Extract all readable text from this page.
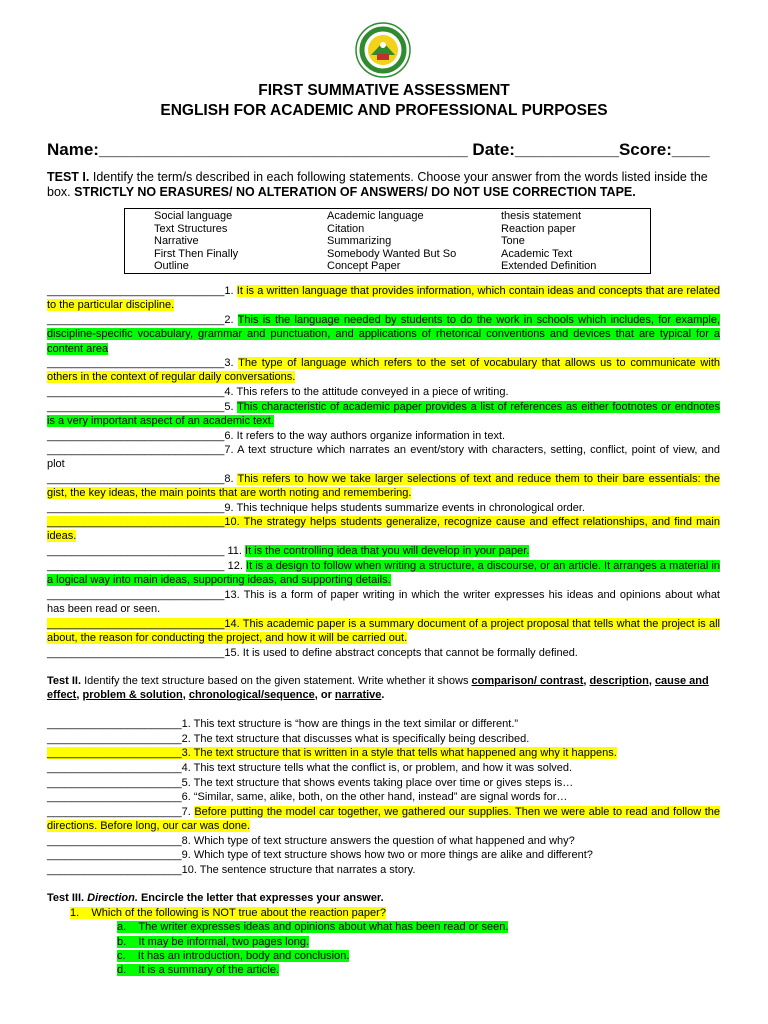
FIRST SUMMATIVE ASSESSMENT
ENGLISH FOR ACADEMIC AND PROFESSIONAL PURPOSES
Name:_______________________________________ Date:___________Score:____
TEST I. Identify the term/s described in each following statements. Choose your answer from the words listed inside the box. STRICTLY NO ERASURES/ NO ALTERATION OF ANSWERS/ DO NOT USE CORRECTION TAPE.
Social language
Text Structures
Narrative
First Then Finally
Outline
Academic language
Citation
Summarizing
Somebody Wanted But So
Concept Paper
thesis statement
Reaction paper
Tone
Academic Text
Extended Definition
_____________________________1. It is a written language that provides information, which contain ideas and concepts that are related to the particular discipline.
_____________________________2. This is the language needed by students to do the work in schools which includes, for example, discipline-specific vocabulary, grammar and punctuation, and applications of rhetorical conventions and devices that are typical for a content area
_____________________________3. The type of language which refers to the set of vocabulary that allows us to communicate with others in the context of regular daily conversations.
_____________________________4. This refers to the attitude conveyed in a piece of writing.
_____________________________5. This characteristic of academic paper provides a list of references as either footnotes or endnotes is a very important aspect of an academic text.
_____________________________6. It refers to the way authors organize information in text.
_____________________________7. A text structure which narrates an event/story with characters, setting, conflict, point of view, and plot
_____________________________8. This refers to how we take larger selections of text and reduce them to their bare essentials: the gist, the key ideas, the main points that are worth noting and remembering.
_____________________________9. This technique helps students summarize events in chronological order.
_____________________________10. The strategy helps students generalize, recognize cause and effect relationships, and find main ideas.
_____________________________ 11. It is the controlling idea that you will develop in your paper.
_____________________________ 12. It is a design to follow when writing a structure, a discourse, or an article. It arranges a material in a logical way into main ideas, supporting ideas, and supporting details.
_____________________________13. This is a form of paper writing in which the writer expresses his ideas and opinions about what has been read or seen.
_____________________________14. This academic paper is a summary document of a project proposal that tells what the project is all about, the reason for conducting the project, and how it will be carried out.
_____________________________15. It is used to define abstract concepts that cannot be formally defined.
Test II. Identify the text structure based on the given statement. Write whether it shows comparison/ contrast, description, cause and effect, problem & solution, chronological/sequence, or narrative.
______________________1. This text structure is “how are things in the text similar or different.”
______________________2. The text structure that discusses what is specifically being described.
______________________3. The text structure that is written in a style that tells what happened ang why it happens.
______________________4. This text structure tells what the conflict is, or problem, and how it was solved.
______________________5. The text structure that shows events taking place over time or gives steps is…
______________________6. “Similar, same, alike, both, on the other hand, instead” are signal words for…
______________________7. Before putting the model car together, we gathered our supplies. Then we were able to read and follow the directions. Before long, our car was done.
______________________8. Which type of text structure answers the question of what happened and why?
______________________9. Which type of text structure shows how two or more things are alike and different?
______________________10. The sentence structure that narrates a story.
Test III. Direction. Encircle the letter that expresses your answer.
1. Which of the following is NOT true about the reaction paper?
a. The writer expresses ideas and opinions about what has been read or seen.
b. It may be informal, two pages long.
c. It has an introduction, body and conclusion.
d. It is a summary of the article.
